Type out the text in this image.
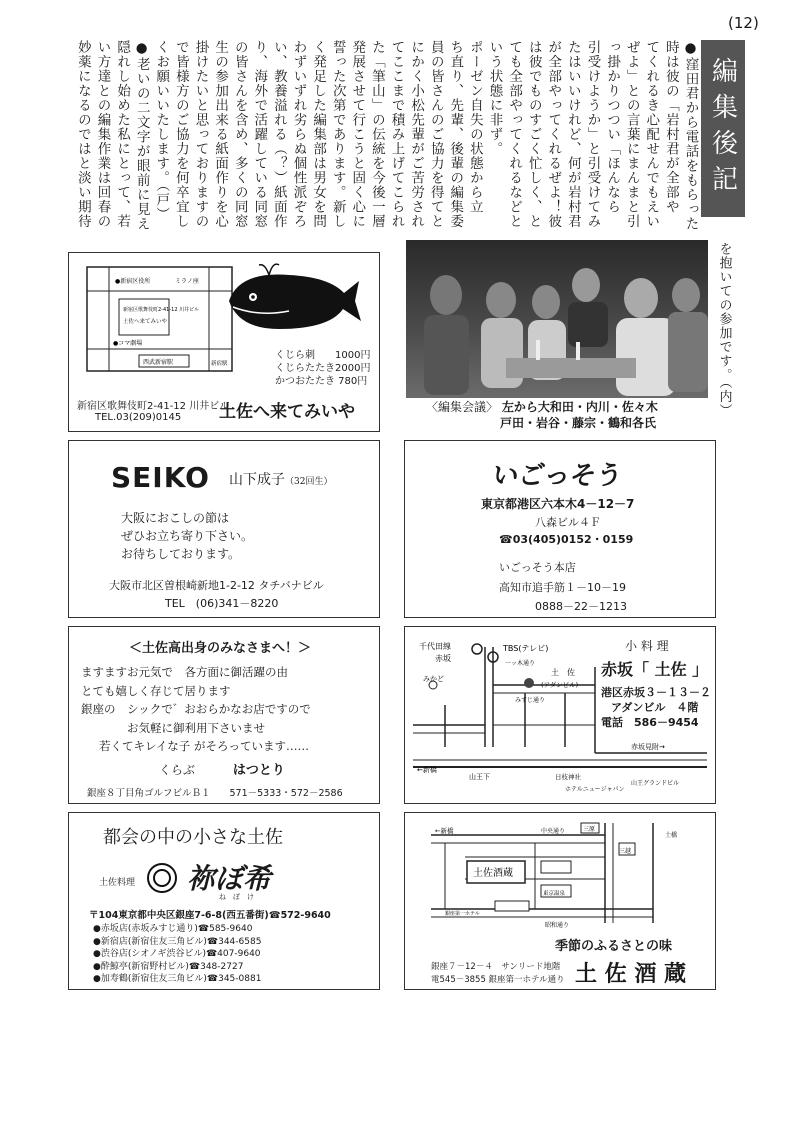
(12)
編集後記
●窪田君から電話をもらった
時は彼の「岩村君が全部や
てくれるき心配せんでもえい
ぜよ」との言葉にまんまと引
っ掛かりつつい「ほんなら
引受けようか」と引受けてみ
たはいいけれど、何が岩村君
が全部やってくれるぜよ！彼
は彼でものすごく忙しく、と
ても全部やってくれるなどと
いう状態に非ず。
ポーゼン自失の状態から立
ち直り、先輩、後輩の編集委
員の皆さんのご協力を得てと
にかく小松先輩がご苦労され
てここまで積み上げてこられ
た「筆山」の伝統を今後一層
発展させて行こうと固く心に
誓った次第であります。新し
く発足した編集部は男女を問
わずいずれ劣らぬ個性派ぞろ
い、教養溢れる（？）紙面作
り、海外で活躍している同窓
の皆さんを含め、多くの同窓
生の参加出来る紙面作りを心
掛けたいと思っておりますの
で皆様方のご協力を何卒宜し
くお願いいたします。（戸）
●老いの二文字が眼前に見え
隠れし始めた私にとって、若
い方達との編集作業は回春の
妙薬になるのではと淡い期待
を抱いての参加です。（内）
〈編集会議〉 左から大和田・内川・佐々木
戸田・岩谷・藤宗・鶴和各氏
●新宿区役所	ミラノ座
●コマ劇場
新宿区歌舞伎町2-41-12 川井ビル
土佐へ来てみいや
西武新宿駅	新宿駅
くじら刺　　1000円
くじらたたき2000円
かつおたたき 780円
新宿区歌舞伎町2-41-12 川井ビル
TEL.03(209)0145 土佐へ来てみいや
SEIKO 山下成子（32回生）
大阪におこしの節は
ぜひお立ち寄り下さい。
お待ちしております。
大阪市北区曽根崎新地1-2-12 タチバナビル
TEL　(06)341－8220
いごっそう
東京都港区六本木4－12－7
八森ビル４Ｆ
☎03(405)0152・0159
いごっそう本店
高知市追手筋１－10－19
0888－22－1213
＜土佐高出身のみなさまへ！＞
ますますお元気で　各方面に御活躍の由
とても嬉しく存じて居ります
銀座の　シックで゛おおらかなお店ですので
お気軽に御利用下さいませ
若くてキレイな子 がそろっています……
くらぶ	はつとり
銀座８丁目角ゴルフビルＢ１　　571－5333・572－2586
千代田線
赤坂
TBS(テレビ)
一ッ木通り
みすじ通り
土　佐
(アダンビル)
みかど
←新橋
山王下	日枝神社
ホテルニュージャパン
山王グランドビル
赤坂見附→
小 料 理
赤坂「 土佐 」
港区赤坂３－１３－２
アダンビル　４階
電話　586－9454
都会の中の小さな土佐
土佐料理 祢ぼ希
ね　ぼ　け
〒104東京都中央区銀座7-6-8(西五番街)☎572-9640
●赤坂店(赤坂みすじ通り)☎585-9640
●新宿店(新宿住友三角ビル)☎344-6585
●渋谷店(シオノギ渋谷ビル)☎407-9640
●酔鯨亭(新宿野村ビル)☎348-2727
●加寿鶴(新宿住友三角ビル)☎345-0881
←新橋	中央通り
土佐酒蔵
東京温泉
銀座第一ホテル
昭和通り
三原
三越
土橋
季節のふるさとの味
土 佐 酒 蔵
銀座７－12－４　サンリード地階
電545－3855 銀座第一ホテル通り
